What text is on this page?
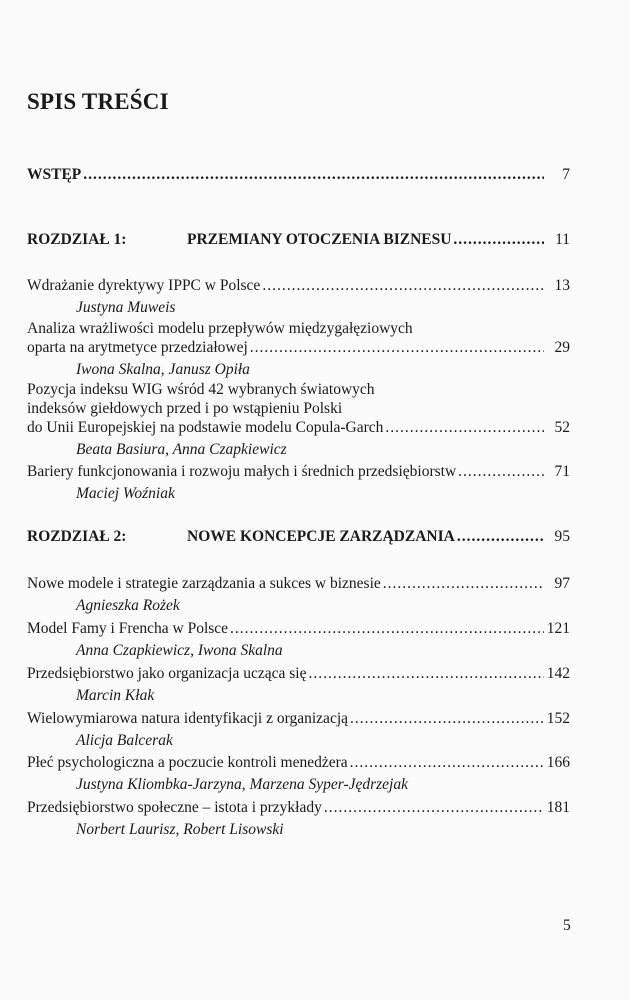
SPIS TREŚCI
WSTĘP .....	7
ROZDZIAŁ 1:	PRZEMIANY OTOCZENIA BIZNESU .....	11
Wdrażanie dyrektywy IPPC w Polsce .....	13
Justyna Muweis
Analiza wrażliwości modelu przepływów międzygałęziowych
oparta na arytmetyce przedziałowej .....	29
Iwona Skalna, Janusz Opiła
Pozycja indeksu WIG wśród 42 wybranych światowych
indeksów giełdowych przed i po wstąpieniu Polski
do Unii Europejskiej na podstawie modelu Copula-Garch .....	52
Beata Basiura, Anna Czapkiewicz
Bariery funkcjonowania i rozwoju małych i średnich przedsiębiorstw .....	71
Maciej Woźniak
ROZDZIAŁ 2:	NOWE KONCEPCJE ZARZĄDZANIA .....	95
Nowe modele i strategie zarządzania a sukces w biznesie .....	97
Agnieszka Rożek
Model Famy i Frencha w Polsce .....	121
Anna Czapkiewicz, Iwona Skalna
Przedsiębiorstwo jako organizacja ucząca się .....	142
Marcin Kłak
Wielowymiarowa natura identyfikacji z organizacją .....	152
Alicja Balcerak
Płeć psychologiczna a poczucie kontroli menedżera .....	166
Justyna Kliombka-Jarzyna, Marzena Syper-Jędrzejak
Przedsiębiorstwo społeczne – istota i przykłady .....	181
Norbert Laurisz, Robert Lisowski
5
